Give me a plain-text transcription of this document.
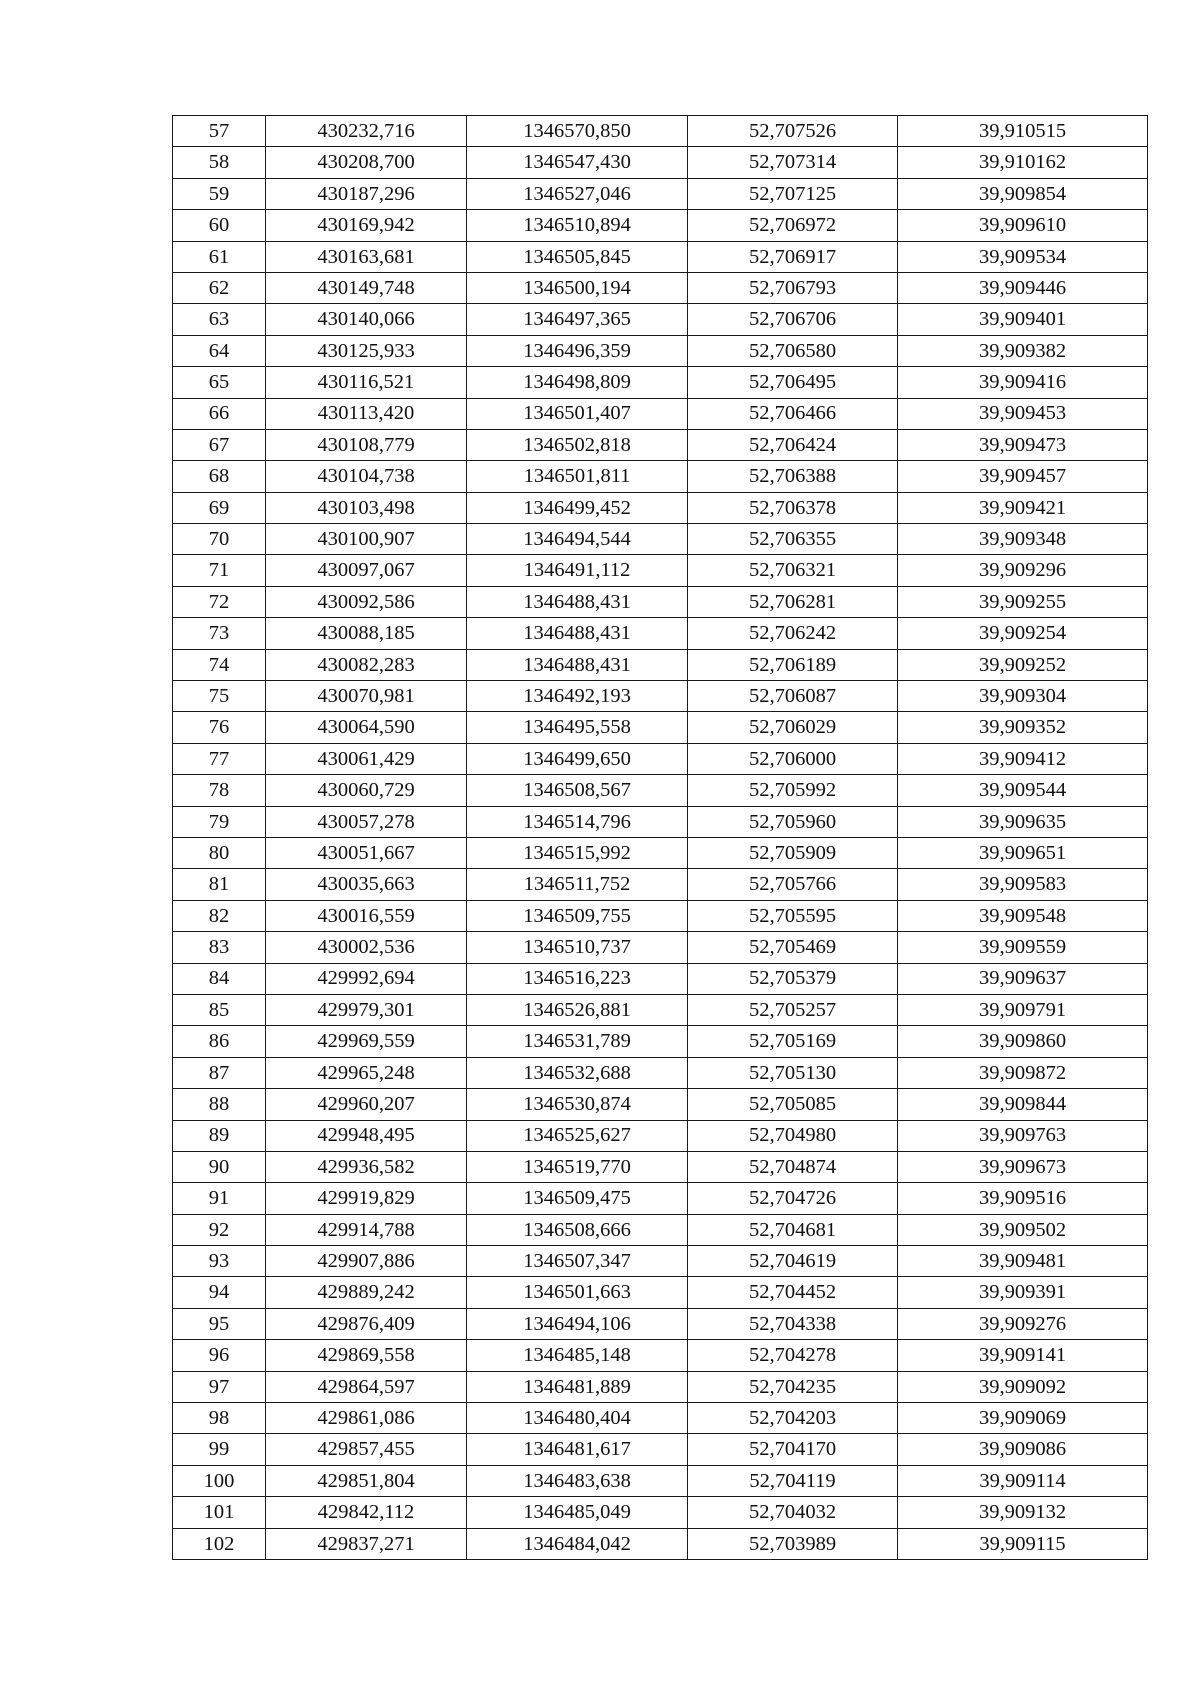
57	430232,716	1346570,850	52,707526	39,910515
58	430208,700	1346547,430	52,707314	39,910162
59	430187,296	1346527,046	52,707125	39,909854
60	430169,942	1346510,894	52,706972	39,909610
61	430163,681	1346505,845	52,706917	39,909534
62	430149,748	1346500,194	52,706793	39,909446
63	430140,066	1346497,365	52,706706	39,909401
64	430125,933	1346496,359	52,706580	39,909382
65	430116,521	1346498,809	52,706495	39,909416
66	430113,420	1346501,407	52,706466	39,909453
67	430108,779	1346502,818	52,706424	39,909473
68	430104,738	1346501,811	52,706388	39,909457
69	430103,498	1346499,452	52,706378	39,909421
70	430100,907	1346494,544	52,706355	39,909348
71	430097,067	1346491,112	52,706321	39,909296
72	430092,586	1346488,431	52,706281	39,909255
73	430088,185	1346488,431	52,706242	39,909254
74	430082,283	1346488,431	52,706189	39,909252
75	430070,981	1346492,193	52,706087	39,909304
76	430064,590	1346495,558	52,706029	39,909352
77	430061,429	1346499,650	52,706000	39,909412
78	430060,729	1346508,567	52,705992	39,909544
79	430057,278	1346514,796	52,705960	39,909635
80	430051,667	1346515,992	52,705909	39,909651
81	430035,663	1346511,752	52,705766	39,909583
82	430016,559	1346509,755	52,705595	39,909548
83	430002,536	1346510,737	52,705469	39,909559
84	429992,694	1346516,223	52,705379	39,909637
85	429979,301	1346526,881	52,705257	39,909791
86	429969,559	1346531,789	52,705169	39,909860
87	429965,248	1346532,688	52,705130	39,909872
88	429960,207	1346530,874	52,705085	39,909844
89	429948,495	1346525,627	52,704980	39,909763
90	429936,582	1346519,770	52,704874	39,909673
91	429919,829	1346509,475	52,704726	39,909516
92	429914,788	1346508,666	52,704681	39,909502
93	429907,886	1346507,347	52,704619	39,909481
94	429889,242	1346501,663	52,704452	39,909391
95	429876,409	1346494,106	52,704338	39,909276
96	429869,558	1346485,148	52,704278	39,909141
97	429864,597	1346481,889	52,704235	39,909092
98	429861,086	1346480,404	52,704203	39,909069
99	429857,455	1346481,617	52,704170	39,909086
100	429851,804	1346483,638	52,704119	39,909114
101	429842,112	1346485,049	52,704032	39,909132
102	429837,271	1346484,042	52,703989	39,909115
